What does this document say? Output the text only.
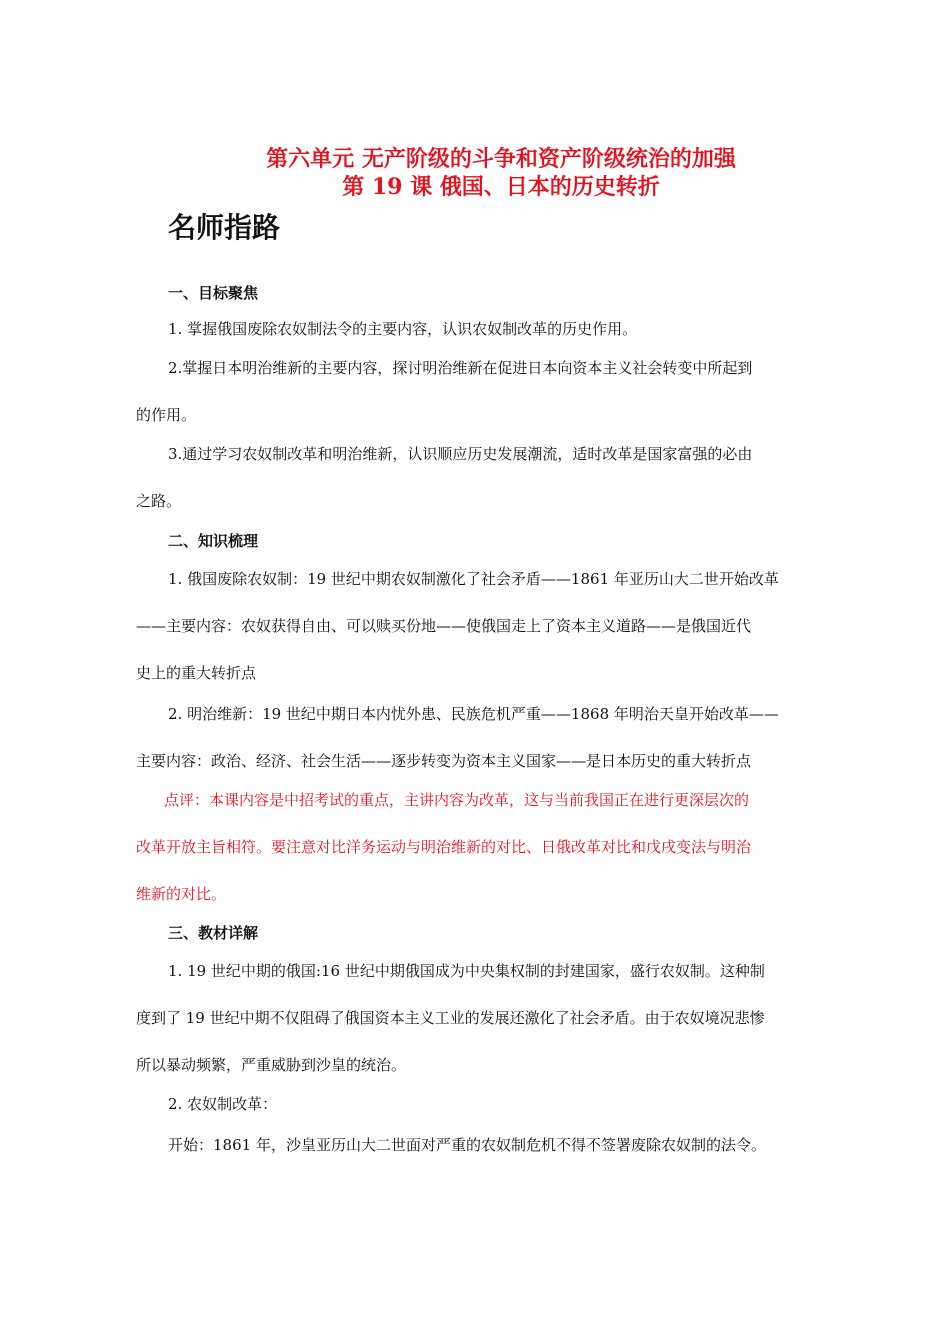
第六单元 无产阶级的斗争和资产阶级统治的加强
第 19 课 俄国、日本的历史转折
名师指路
一、目标聚焦
1. 掌握俄国废除农奴制法令的主要内容，认识农奴制改革的历史作用。
2.掌握日本明治维新的主要内容，探讨明治维新在促进日本向资本主义社会转变中所起到
的作用。
3.通过学习农奴制改革和明治维新，认识顺应历史发展潮流，适时改革是国家富强的必由
之路。
二、知识梳理
1. 俄国废除农奴制：19 世纪中期农奴制激化了社会矛盾——1861 年亚历山大二世开始改革
——主要内容：农奴获得自由、可以赎买份地——使俄国走上了资本主义道路——是俄国近代
史上的重大转折点
2. 明治维新：19 世纪中期日本内忧外患、民族危机严重——1868 年明治天皇开始改革——
主要内容：政治、经济、社会生活——逐步转变为资本主义国家——是日本历史的重大转折点
点评：本课内容是中招考试的重点，主讲内容为改革，这与当前我国正在进行更深层次的
改革开放主旨相符。要注意对比洋务运动与明治维新的对比、日俄改革对比和戊戌变法与明治
维新的对比。
三、教材详解
1. 19 世纪中期的俄国:16 世纪中期俄国成为中央集权制的封建国家，盛行农奴制。这种制
度到了 19 世纪中期不仅阻碍了俄国资本主义工业的发展还激化了社会矛盾。由于农奴境况悲惨
所以暴动频繁，严重威胁到沙皇的统治。
2. 农奴制改革：
开始：1861 年，沙皇亚历山大二世面对严重的农奴制危机不得不签署废除农奴制的法令。
